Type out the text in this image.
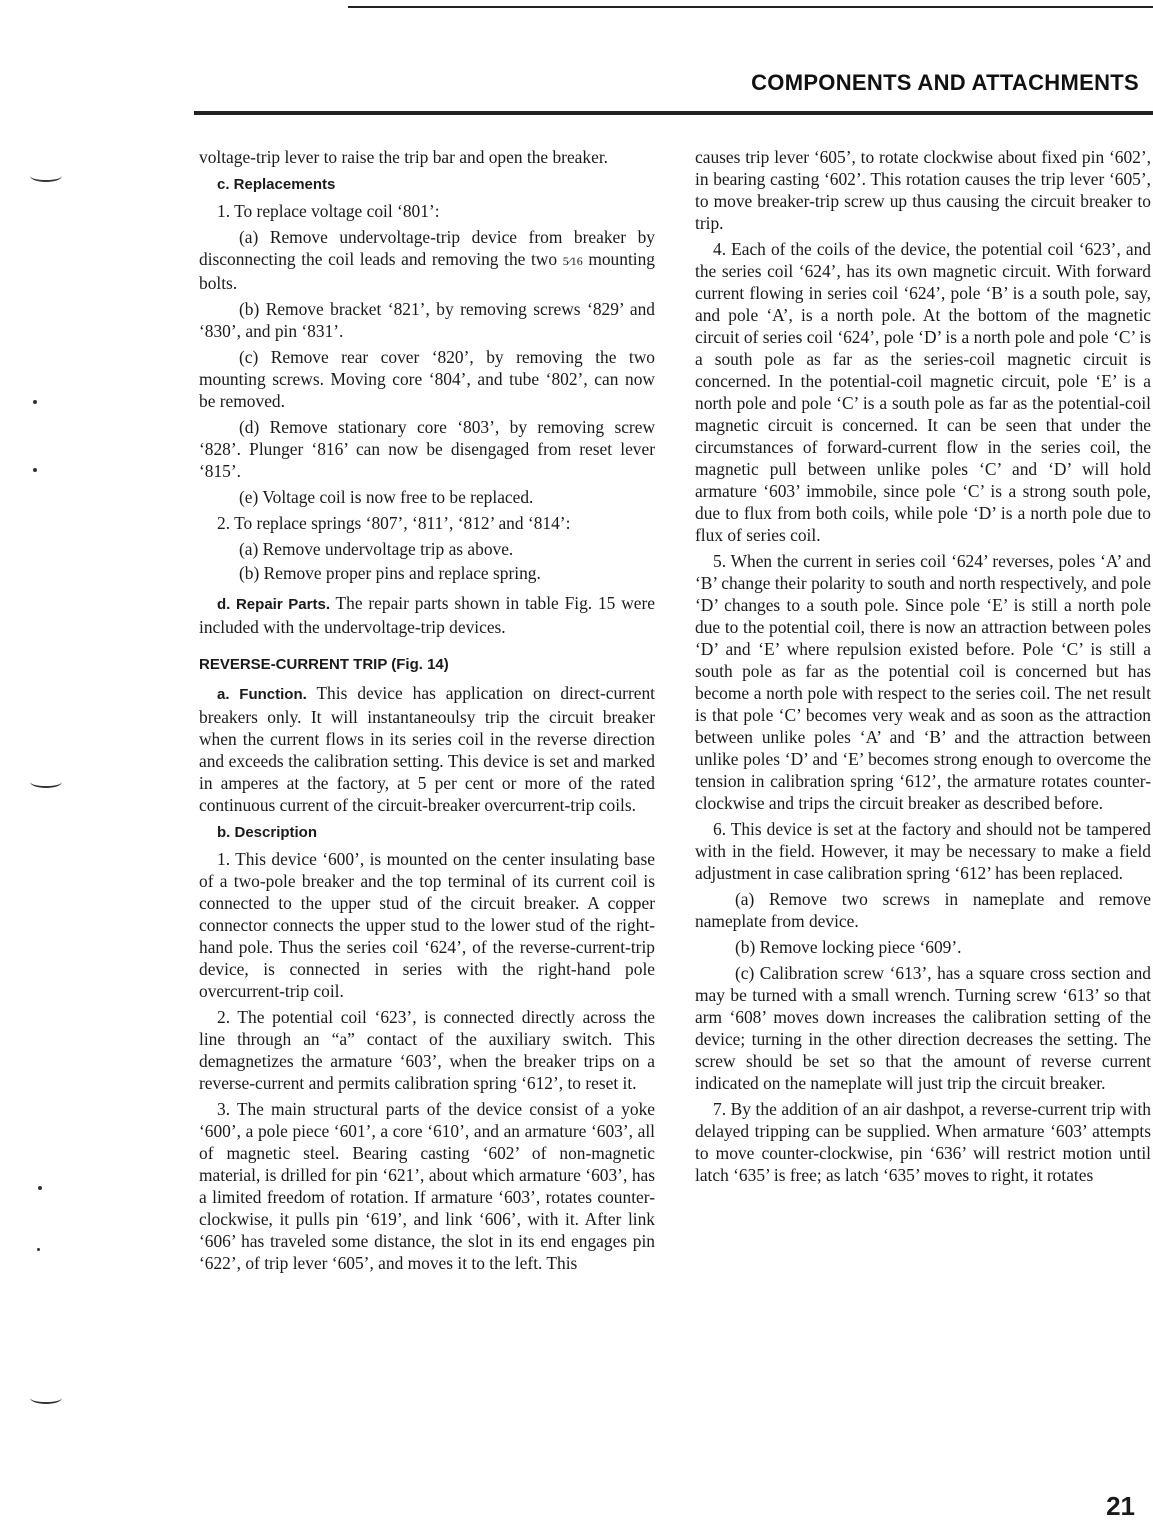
COMPONENTS AND ATTACHMENTS

voltage-trip lever to raise the trip bar and open the breaker.

c. Replacements

1. To replace voltage coil ‘801’:

(a) Remove undervoltage-trip device from breaker by disconnecting the coil leads and removing the two 5⁄16 mounting bolts.

(b) Remove bracket ‘821’, by removing screws ‘829’ and ‘830’, and pin ‘831’.

(c) Remove rear cover ‘820’, by removing the two mounting screws. Moving core ‘804’, and tube ‘802’, can now be removed.

(d) Remove stationary core ‘803’, by removing screw ‘828’. Plunger ‘816’ can now be disengaged from reset lever ‘815’.

(e) Voltage coil is now free to be replaced.

2. To replace springs ‘807’, ‘811’, ‘812’ and ‘814’:

(a) Remove undervoltage trip as above.

(b) Remove proper pins and replace spring.

d. Repair Parts. The repair parts shown in table Fig. 15 were included with the undervoltage-trip devices.

REVERSE-CURRENT TRIP (Fig. 14)

a. Function. This device has application on direct-current breakers only. It will instantaneoulsy trip the circuit breaker when the current flows in its series coil in the reverse direction and exceeds the calibration setting. This device is set and marked in amperes at the factory, at 5 per cent or more of the rated continuous current of the circuit-breaker overcurrent-trip coils.

b. Description

1. This device ‘600’, is mounted on the center insulating base of a two-pole breaker and the top terminal of its current coil is connected to the upper stud of the circuit breaker. A copper connector connects the upper stud to the lower stud of the right-hand pole. Thus the series coil ‘624’, of the reverse-current-trip device, is connected in series with the right-hand pole overcurrent-trip coil.

2. The potential coil ‘623’, is connected directly across the line through an “a” contact of the auxiliary switch. This demagnetizes the armature ‘603’, when the breaker trips on a reverse-current and permits calibration spring ‘612’, to reset it.

3. The main structural parts of the device consist of a yoke ‘600’, a pole piece ‘601’, a core ‘610’, and an armature ‘603’, all of magnetic steel. Bearing casting ‘602’ of non-magnetic material, is drilled for pin ‘621’, about which armature ‘603’, has a limited freedom of rotation. If armature ‘603’, rotates counter-clockwise, it pulls pin ‘619’, and link ‘606’, with it. After link ‘606’ has traveled some distance, the slot in its end engages pin ‘622’, of trip lever ‘605’, and moves it to the left. This

causes trip lever ‘605’, to rotate clockwise about fixed pin ‘602’, in bearing casting ‘602’. This rotation causes the trip lever ‘605’, to move breaker-trip screw up thus causing the circuit breaker to trip.

4. Each of the coils of the device, the potential coil ‘623’, and the series coil ‘624’, has its own magnetic circuit. With forward current flowing in series coil ‘624’, pole ‘B’ is a south pole, say, and pole ‘A’, is a north pole. At the bottom of the magnetic circuit of series coil ‘624’, pole ‘D’ is a north pole and pole ‘C’ is a south pole as far as the series-coil magnetic circuit is concerned. In the potential-coil magnetic circuit, pole ‘E’ is a north pole and pole ‘C’ is a south pole as far as the potential-coil magnetic circuit is concerned. It can be seen that under the circumstances of forward-current flow in the series coil, the magnetic pull between unlike poles ‘C’ and ‘D’ will hold armature ‘603’ immobile, since pole ‘C’ is a strong south pole, due to flux from both coils, while pole ‘D’ is a north pole due to flux of series coil.

5. When the current in series coil ‘624’ reverses, poles ‘A’ and ‘B’ change their polarity to south and north respectively, and pole ‘D’ changes to a south pole. Since pole ‘E’ is still a north pole due to the potential coil, there is now an attraction between poles ‘D’ and ‘E’ where repulsion existed before. Pole ‘C’ is still a south pole as far as the potential coil is concerned but has become a north pole with respect to the series coil. The net result is that pole ‘C’ becomes very weak and as soon as the attraction between unlike poles ‘A’ and ‘B’ and the attraction between unlike poles ‘D’ and ‘E’ becomes strong enough to overcome the tension in calibration spring ‘612’, the armature rotates counter-clockwise and trips the circuit breaker as described before.

6. This device is set at the factory and should not be tampered with in the field. However, it may be necessary to make a field adjustment in case calibration spring ‘612’ has been replaced.

(a) Remove two screws in nameplate and remove nameplate from device.

(b) Remove locking piece ‘609’.

(c) Calibration screw ‘613’, has a square cross section and may be turned with a small wrench. Turning screw ‘613’ so that arm ‘608’ moves down increases the calibration setting of the device; turning in the other direction decreases the setting. The screw should be set so that the amount of reverse current indicated on the nameplate will just trip the circuit breaker.

7. By the addition of an air dashpot, a reverse-current trip with delayed tripping can be supplied. When armature ‘603’ attempts to move counter-clockwise, pin ‘636’ will restrict motion until latch ‘635’ is free; as latch ‘635’ moves to right, it rotates

21
